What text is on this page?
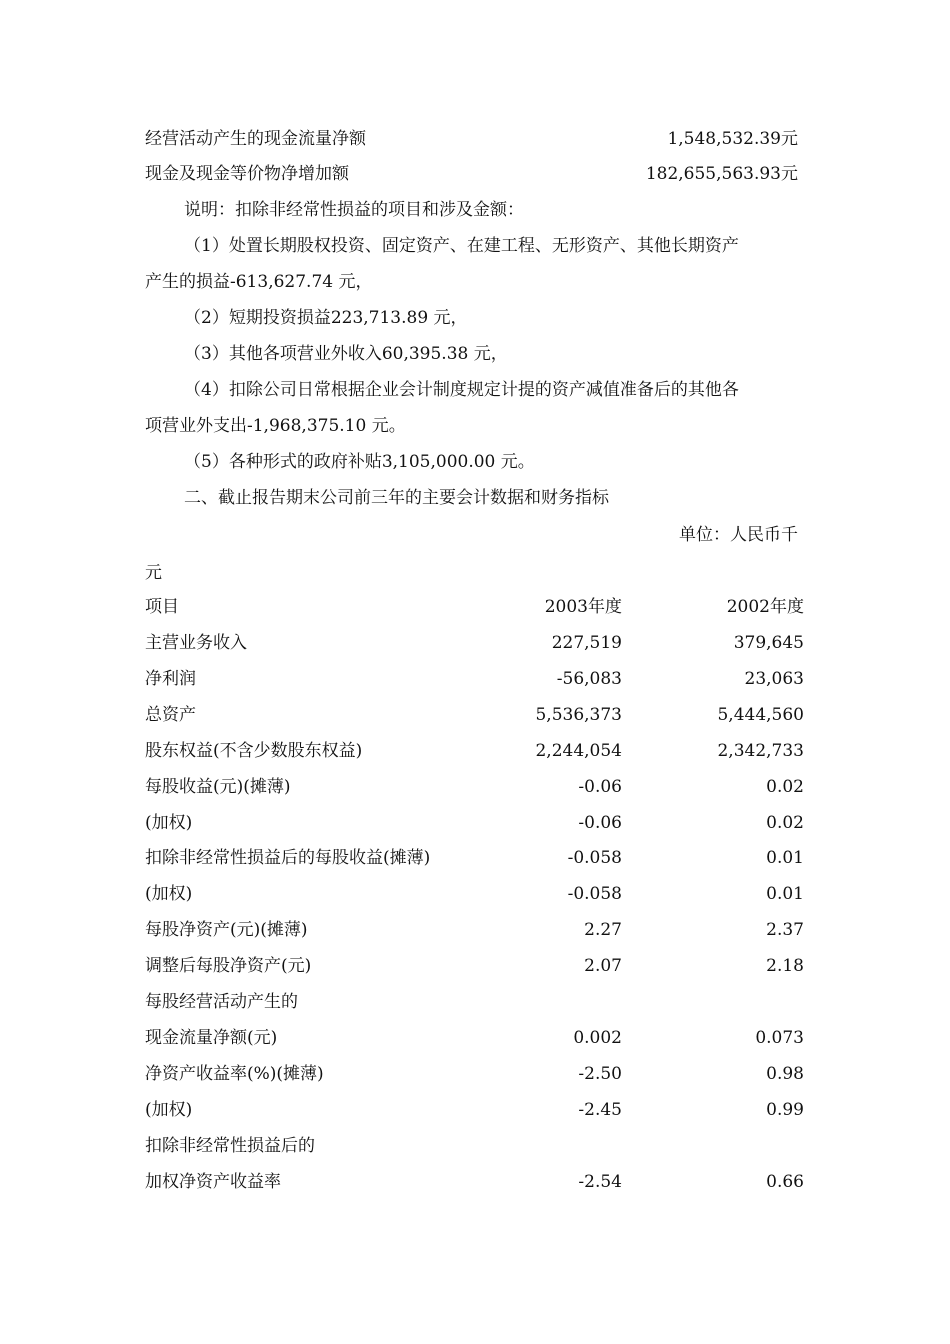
经营活动产生的现金流量净额	1,548,532.39元
现金及现金等价物净增加额	182,655,563.93元
说明：扣除非经常性损益的项目和涉及金额：
（1）处置长期股权投资、固定资产、在建工程、无形资产、其他长期资产
产生的损益-613,627.74 元，
（2）短期投资损益223,713.89 元，
（3）其他各项营业外收入60,395.38 元，
（4）扣除公司日常根据企业会计制度规定计提的资产减值准备后的其他各
项营业外支出-1,968,375.10 元。
（5）各种形式的政府补贴3,105,000.00 元。
二、截止报告期末公司前三年的主要会计数据和财务指标
单位：人民币千
元
项目	2003年度	2002年度
主营业务收入	227,519	379,645
净利润	-56,083	23,063
总资产	5,536,373	5,444,560
股东权益(不含少数股东权益)	2,244,054	2,342,733
每股收益(元)(摊薄)	-0.06	0.02
(加权)	-0.06	0.02
扣除非经常性损益后的每股收益(摊薄)	-0.058	0.01
(加权)	-0.058	0.01
每股净资产(元)(摊薄)	2.27	2.37
调整后每股净资产(元)	2.07	2.18
每股经营活动产生的
现金流量净额(元)	0.002	0.073
净资产收益率(%)(摊薄)	-2.50	0.98
(加权)	-2.45	0.99
扣除非经常性损益后的
加权净资产收益率	-2.54	0.66
